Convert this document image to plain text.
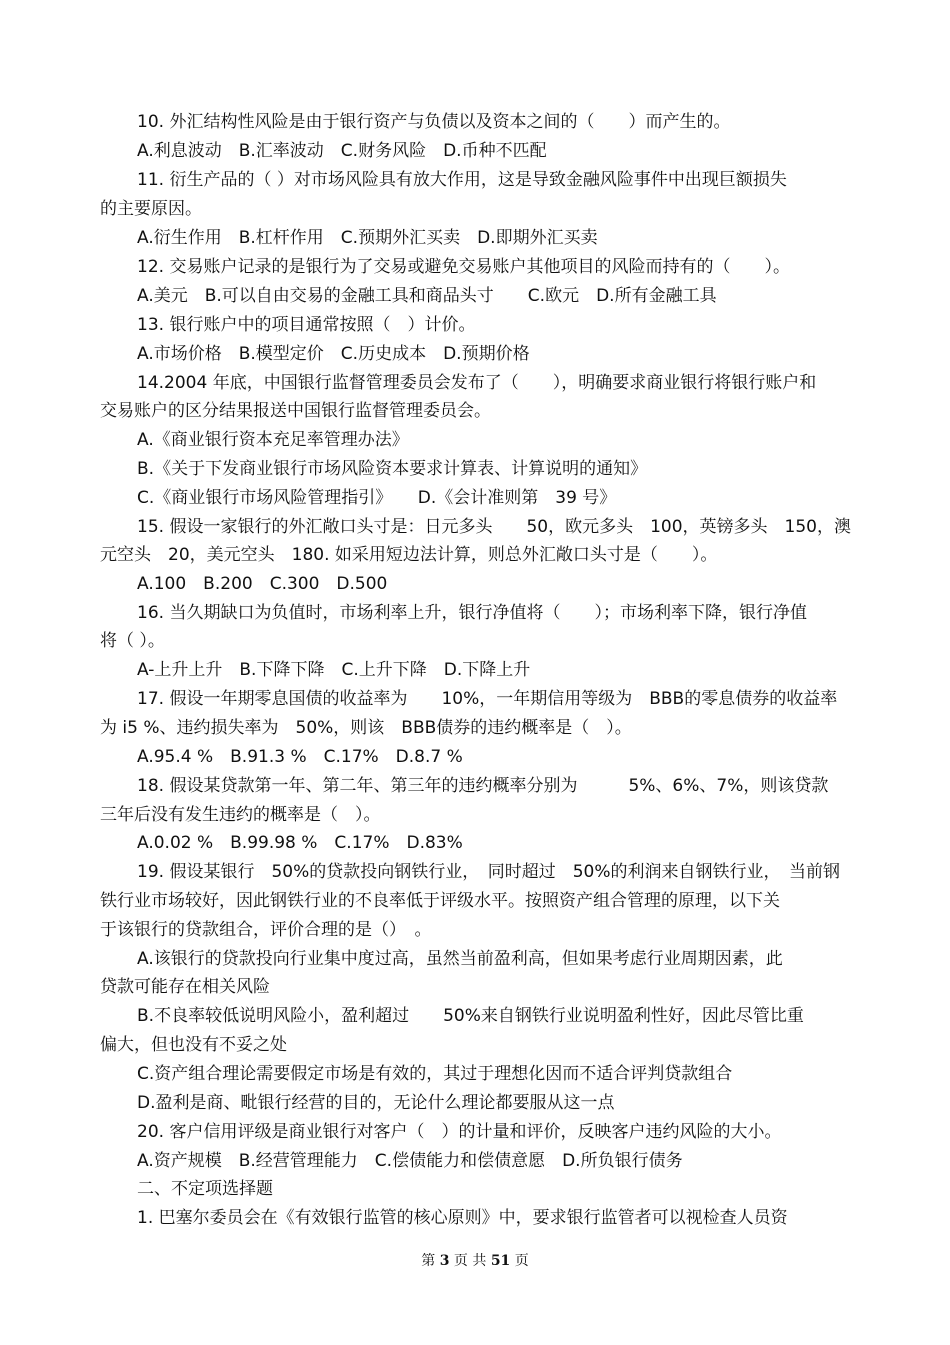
10. 外汇结构性风险是由于银行资产与负债以及资本之间的（　　）而产生的。
A.利息波动　B.汇率波动　C.财务风险　D.币种不匹配
11. 衍生产品的（ ）对市场风险具有放大作用，这是导致金融风险事件中出现巨额损失
的主要原因。
A.衍生作用　B.杠杆作用　C.预期外汇买卖　D.即期外汇买卖
12. 交易账户记录的是银行为了交易或避免交易账户其他项目的风险而持有的（　　）。
A.美元　B.可以自由交易的金融工具和商品头寸　　C.欧元　D.所有金融工具
13. 银行账户中的项目通常按照（　）计价。
A.市场价格　B.模型定价　C.历史成本　D.预期价格
14.2004 年底，中国银行监督管理委员会发布了（　　），明确要求商业银行将银行账户和
交易账户的区分结果报送中国银行监督管理委员会。
A.《商业银行资本充足率管理办法》
B.《关于下发商业银行市场风险资本要求计算表、计算说明的通知》
C.《商业银行市场风险管理指引》　　D.《会计准则第　39 号》
15. 假设一家银行的外汇敞口头寸是：日元多头　　50，欧元多头　100，英镑多头　150，澳
元空头　20，美元空头　180. 如采用短边法计算，则总外汇敞口头寸是（　　）。
A.100　B.200　C.300　D.500
16. 当久期缺口为负值时，市场利率上升，银行净值将（　　）；市场利率下降，银行净值
将（ ）。
A-上升上升　B.下降下降　C.上升下降　D.下降上升
17. 假设一年期零息国债的收益率为　　10%，一年期信用等级为　BBB的零息债券的收益率
为 i5 %、违约损失率为　50%，则该　BBB债券的违约概率是（　）。
A.95.4 %　B.91.3 %　C.17%　D.8.7 %
18. 假设某贷款第一年、第二年、第三年的违约概率分别为　　　5%、6%、7%，则该贷款
三年后没有发生违约的概率是（　）。
A.0.02 %　B.99.98 %　C.17%　D.83%
19. 假设某银行　50%的贷款投向钢铁行业，　同时超过　50%的利润来自钢铁行业，　当前钢
铁行业市场较好，因此钢铁行业的不良率低于评级水平。按照资产组合管理的原理，以下关
于该银行的贷款组合，评价合理的是（）　。
A.该银行的贷款投向行业集中度过高，虽然当前盈利高，但如果考虑行业周期因素，此
贷款可能存在相关风险
B.不良率较低说明风险小，盈利超过　　50%来自钢铁行业说明盈利性好，因此尽管比重
偏大，但也没有不妥之处
C.资产组合理论需要假定市场是有效的，其过于理想化因而不适合评判贷款组合
D.盈利是商、毗银行经营的目的，无论什么理论都要服从这一点
20. 客户信用评级是商业银行对客户（　）的计量和评价，反映客户违约风险的大小。
A.资产规模　B.经营管理能力　C.偿债能力和偿债意愿　D.所负银行债务
二、不定项选择题
1. 巴塞尔委员会在《有效银行监管的核心原则》中，要求银行监管者可以视检查人员资
第 3 页 共 51 页
